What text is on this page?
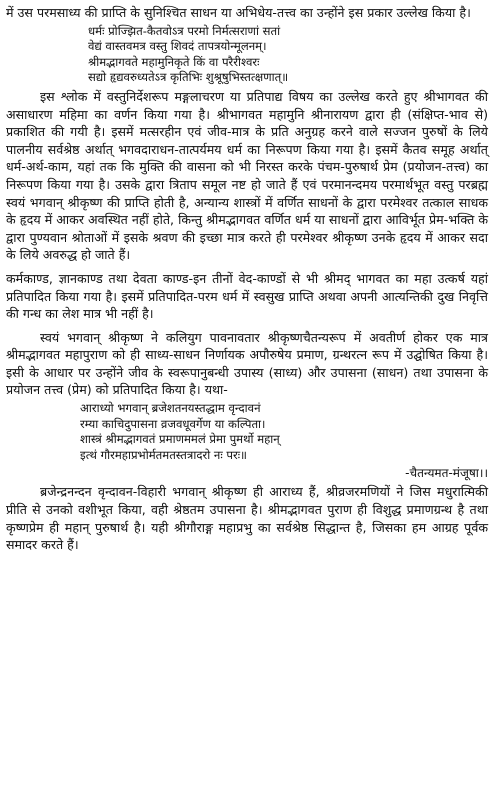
में उस परमसाध्य की प्राप्ति के सुनिश्चित साधन या अभिधेय-तत्त्व का उन्होंने इस प्रकार उल्लेख किया है।

धर्मः प्रोज्झित-कैतवोऽत्र परमो निर्मत्सराणां सतां
वेद्यं वास्तवमत्र वस्तु शिवदं तापत्रयोन्मूलनम्।
श्रीमद्भागवते महामुनिकृते किं वा परैरीश्वरः
सद्यो हृद्यवरुध्यतेऽत्र कृतिभिः शुश्रूषुभिस्तत्क्षणात्॥

इस श्लोक में वस्तुनिर्देशरूप मङ्गलाचरण या प्रतिपाद्य विषय का उल्लेख करते हुए श्रीभागवत की असाधारण महिमा का वर्णन किया गया है। श्रीभागवत महामुनि श्रीनारायण द्वारा ही (संक्षिप्त-भाव से) प्रकाशित की गयी है। इसमें मत्सरहीन एवं जीव-मात्र के प्रति अनुग्रह करने वाले सज्जन पुरुषों के लिये पालनीय सर्वश्रेष्ठ अर्थात् भगवदाराधन-तात्पर्यमय धर्म का निरूपण किया गया है। इसमें कैतव समूह अर्थात् धर्म-अर्थ-काम, यहां तक कि मुक्ति की वासना को भी निरस्त करके पंचम-पुरुषार्थ प्रेम (प्रयोजन-तत्त्व) का निरूपण किया गया है। उसके द्वारा त्रिताप समूल नष्ट हो जाते हैं एवं परमानन्दमय परमार्थभूत वस्तु परब्रह्म स्वयं भगवान् श्रीकृष्ण की प्राप्ति होती है, अन्यान्य शास्त्रों में वर्णित साधनों के द्वारा परमेश्वर तत्काल साधक के हृदय में आकर अवस्थित नहीं होते, किन्तु श्रीमद्भागवत वर्णित धर्म या साधनों द्वारा आविर्भूत प्रेम-भक्ति के द्वारा पुण्यवान श्रोताओं में इसके श्रवण की इच्छा मात्र करते ही परमेश्वर श्रीकृष्ण उनके हृदय में आकर सदा के लिये अवरुद्ध हो जाते हैं।

कर्मकाण्ड, ज्ञानकाण्ड तथा देवता काण्ड-इन तीनों वेद-काण्डों से भी श्रीमद् भागवत का महा उत्कर्ष यहां प्रतिपादित किया गया है। इसमें प्रतिपादित-परम धर्म में स्वसुख प्राप्ति अथवा अपनी आत्यन्तिकी दुख निवृत्ति की गन्ध का लेश मात्र भी नहीं है।

स्वयं भगवान् श्रीकृष्ण ने कलियुग पावनावतार श्रीकृष्णचैतन्यरूप में अवतीर्ण होकर एक मात्र श्रीमद्भागवत महापुराण को ही साध्य-साधन निर्णायक अपौरुषेय प्रमाण, ग्रन्थरत्न रूप में उद्घोषित किया है। इसी के आधार पर उन्होंने जीव के स्वरूपानुबन्धी उपास्य (साध्य) और उपासना (साधन) तथा उपासना के प्रयोजन तत्त्व (प्रेम) को प्रतिपादित किया है। यथा-

आराध्यो भगवान् ब्रजेशतनयस्तद्धाम वृन्दावनं
रम्या काचिदुपासना व्रजवधूवर्गेण या कल्पिता।
शास्त्रं श्रीमद्भागवतं प्रमाणममलं प्रेमा पुमर्थो महान्
इत्थं गौरमहाप्रभोर्मतमतस्तत्रादरो नः परः॥

-चैतन्यमत-मंजूषा।।

ब्रजेन्द्रनन्दन वृन्दावन-विहारी भगवान् श्रीकृष्ण ही आराध्य हैं, श्रीव्रजरमणियों ने जिस मधुरात्मिकी प्रीति से उनको वशीभूत किया, वही श्रेष्ठतम उपासना है। श्रीमद्भागवत पुराण ही विशुद्ध प्रमाणग्रन्थ है तथा कृष्णप्रेम ही महान् पुरुषार्थ है। यही श्रीगौराङ्ग महाप्रभु का सर्वश्रेष्ठ सिद्धान्त है, जिसका हम आग्रह पूर्वक समादर करते हैं।
